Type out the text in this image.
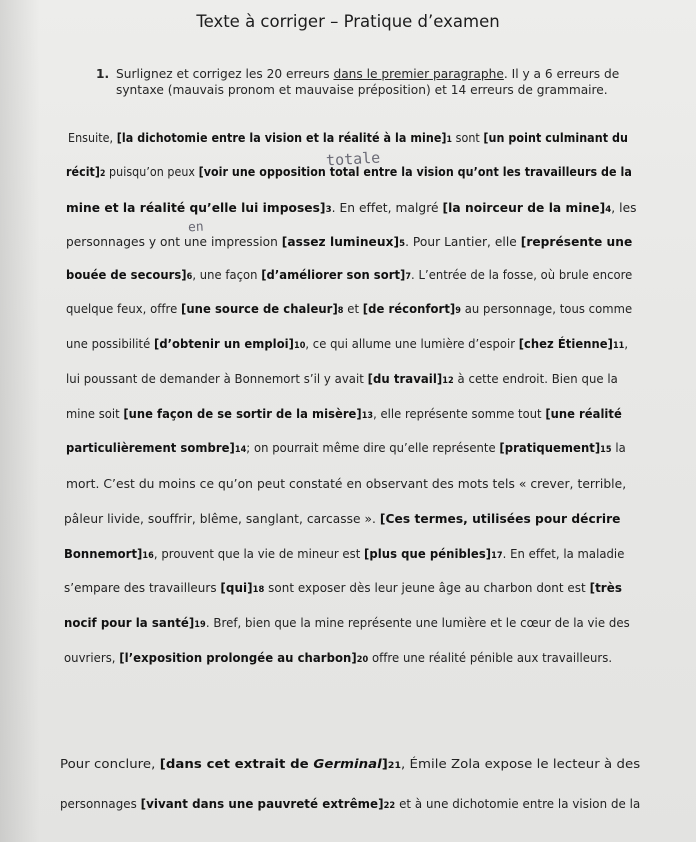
Texte à corriger – Pratique d’examen
1. Surlignez et corrigez les 20 erreurs dans le premier paragraphe. Il y a 6 erreurs de
syntaxe (mauvais pronom et mauvaise préposition) et 14 erreurs de grammaire.
totale
en
Ensuite, [la dichotomie entre la vision et la réalité à la mine]1 sont [un point culminant du
récit]2 puisqu’on peux [voir une opposition total entre la vision qu’ont les travailleurs de la
mine et la réalité qu’elle lui imposes]3. En effet, malgré [la noirceur de la mine]4, les
personnages y ont une impression [assez lumineux]5. Pour Lantier, elle [représente une
bouée de secours]6, une façon [d’améliorer son sort]7. L’entrée de la fosse, où brule encore
quelque feux, offre [une source de chaleur]8 et [de réconfort]9 au personnage, tous comme
une possibilité [d’obtenir un emploi]10, ce qui allume une lumière d’espoir [chez Étienne]11,
lui poussant de demander à Bonnemort s’il y avait [du travail]12 à cette endroit. Bien que la
mine soit [une façon de se sortir de la misère]13, elle représente somme tout [une réalité
particulièrement sombre]14; on pourrait même dire qu’elle représente [pratiquement]15 la
mort. C’est du moins ce qu’on peut constaté en observant des mots tels « crever, terrible,
pâleur livide, souffrir, blême, sanglant, carcasse ». [Ces termes, utilisées pour décrire
Bonnemort]16, prouvent que la vie de mineur est [plus que pénibles]17. En effet, la maladie
s’empare des travailleurs [qui]18 sont exposer dès leur jeune âge au charbon dont est [très
nocif pour la santé]19. Bref, bien que la mine représente une lumière et le cœur de la vie des
ouvriers, [l’exposition prolongée au charbon]20 offre une réalité pénible aux travailleurs.
Pour conclure, [dans cet extrait de Germinal]21, Émile Zola expose le lecteur à des
personnages [vivant dans une pauvreté extrême]22 et à une dichotomie entre la vision de la
